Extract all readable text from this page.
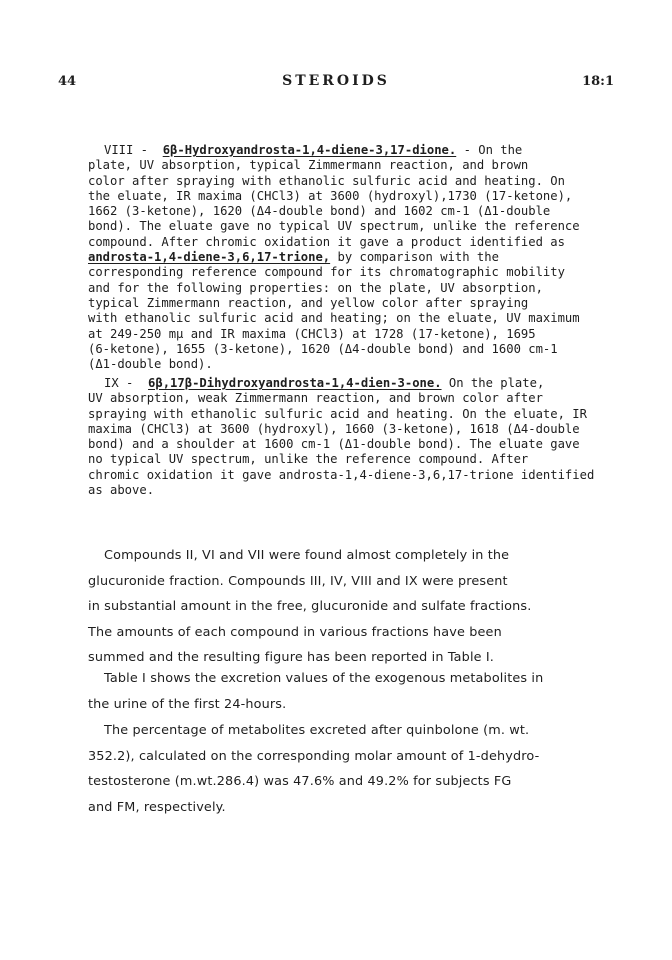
44	STEROIDS	18:1
VIII - 6β-Hydroxyandrosta-1,4-diene-3,17-dione. - On the
plate, UV absorption, typical Zimmermann reaction, and brown
color after spraying with ethanolic sulfuric acid and heating. On
the eluate, IR maxima (CHCl3) at 3600 (hydroxyl),1730 (17-ketone),
1662 (3-ketone), 1620 (Δ4-double bond) and 1602 cm-1 (Δ1-double
bond). The eluate gave no typical UV spectrum, unlike the reference
compound. After chromic oxidation it gave a product identified as
androsta-1,4-diene-3,6,17-trione, by comparison with the
corresponding reference compound for its chromatographic mobility
and for the following properties: on the plate, UV absorption,
typical Zimmermann reaction, and yellow color after spraying
with ethanolic sulfuric acid and heating; on the eluate, UV maximum
at 249-250 mμ and IR maxima (CHCl3) at 1728 (17-ketone), 1695
(6-ketone), 1655 (3-ketone), 1620 (Δ4-double bond) and 1600 cm-1
(Δ1-double bond).
IX - 6β,17β-Dihydroxyandrosta-1,4-dien-3-one. On the plate,
UV absorption, weak Zimmermann reaction, and brown color after
spraying with ethanolic sulfuric acid and heating. On the eluate, IR
maxima (CHCl3) at 3600 (hydroxyl), 1660 (3-ketone), 1618 (Δ4-double
bond) and a shoulder at 1600 cm-1 (Δ1-double bond). The eluate gave
no typical UV spectrum, unlike the reference compound. After
chromic oxidation it gave androsta-1,4-diene-3,6,17-trione identified
as above.
Compounds II, VI and VII were found almost completely in the
glucuronide fraction. Compounds III, IV, VIII and IX were present
in substantial amount in the free, glucuronide and sulfate fractions.
The amounts of each compound in various fractions have been
summed and the resulting figure has been reported in Table I.
Table I shows the excretion values of the exogenous metabolites in
the urine of the first 24-hours.
The percentage of metabolites excreted after quinbolone (m. wt.
352.2), calculated on the corresponding molar amount of 1-dehydro-
testosterone (m.wt.286.4) was 47.6% and 49.2% for subjects FG
and FM, respectively.
